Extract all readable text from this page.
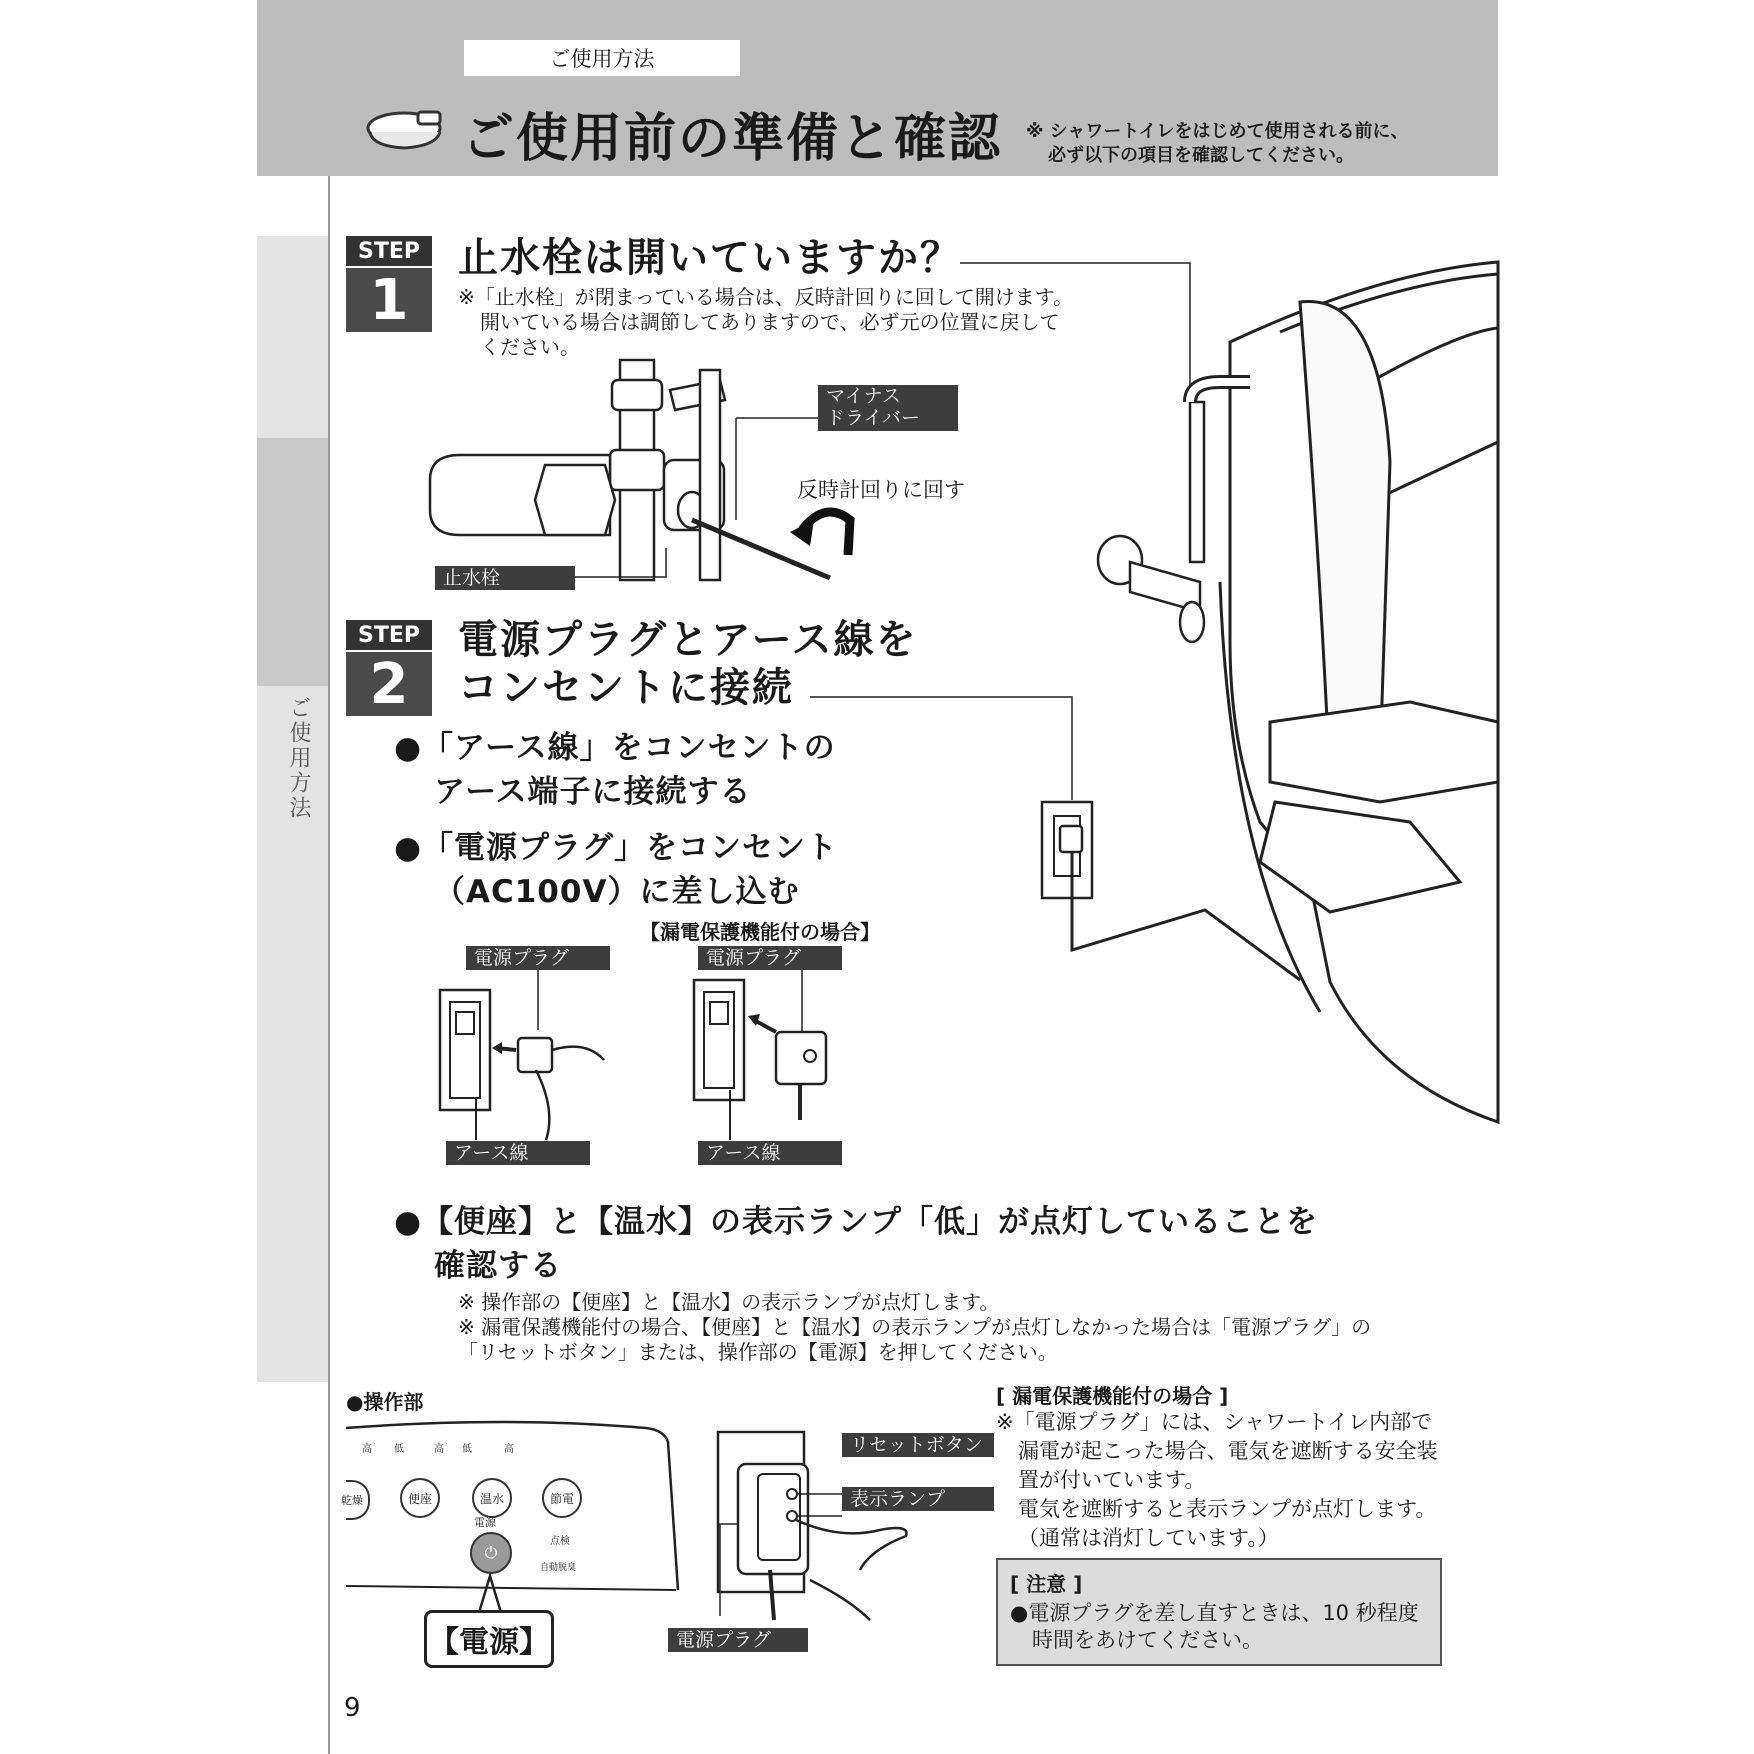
ご使用方法
ご使用前の準備と確認 ※ シャワートイレをはじめて使用される前に、
必ず以下の項目を確認してください。
ご使用方法
STEP
1
止水栓は開いていますか？
※「止水栓」が閉まっている場合は、反時計回りに回して開けます。
開いている場合は調節してありますので、必ず元の位置に戻して
ください。
マイナス
ドライバー
反時計回りに回す
止水栓
STEP
2
電源プラグとアース線を
コンセントに接続
●「アース線」をコンセントの
アース端子に接続する
●「電源プラグ」をコンセント
（AC100V）に差し込む
【漏電保護機能付の場合】
電源プラグ	電源プラグ
アース線	アース線
●【便座】と【温水】の表示ランプ「低」が点灯していることを
確認する
※ 操作部の【便座】と【温水】の表示ランプが点灯します。
※ 漏電保護機能付の場合、【便座】と【温水】の表示ランプが点灯しなかった場合は「電源プラグ」の
「リセットボタン」または、操作部の【電源】を押してください。
●操作部
乾燥
高 低	高 低	高
便座	温水	節電
電源
⏻
点検
自動脱臭
【電源】
リセットボタン
表示ランプ
電源プラグ
[ 漏電保護機能付の場合 ]
※「電源プラグ」には、シャワートイレ内部で
漏電が起こった場合、電気を遮断する安全装
置が付いています。
電気を遮断すると表示ランプが点灯します。
（通常は消灯しています。）
[ 注意 ]
●電源プラグを差し直すときは、10 秒程度
時間をあけてください。
9
